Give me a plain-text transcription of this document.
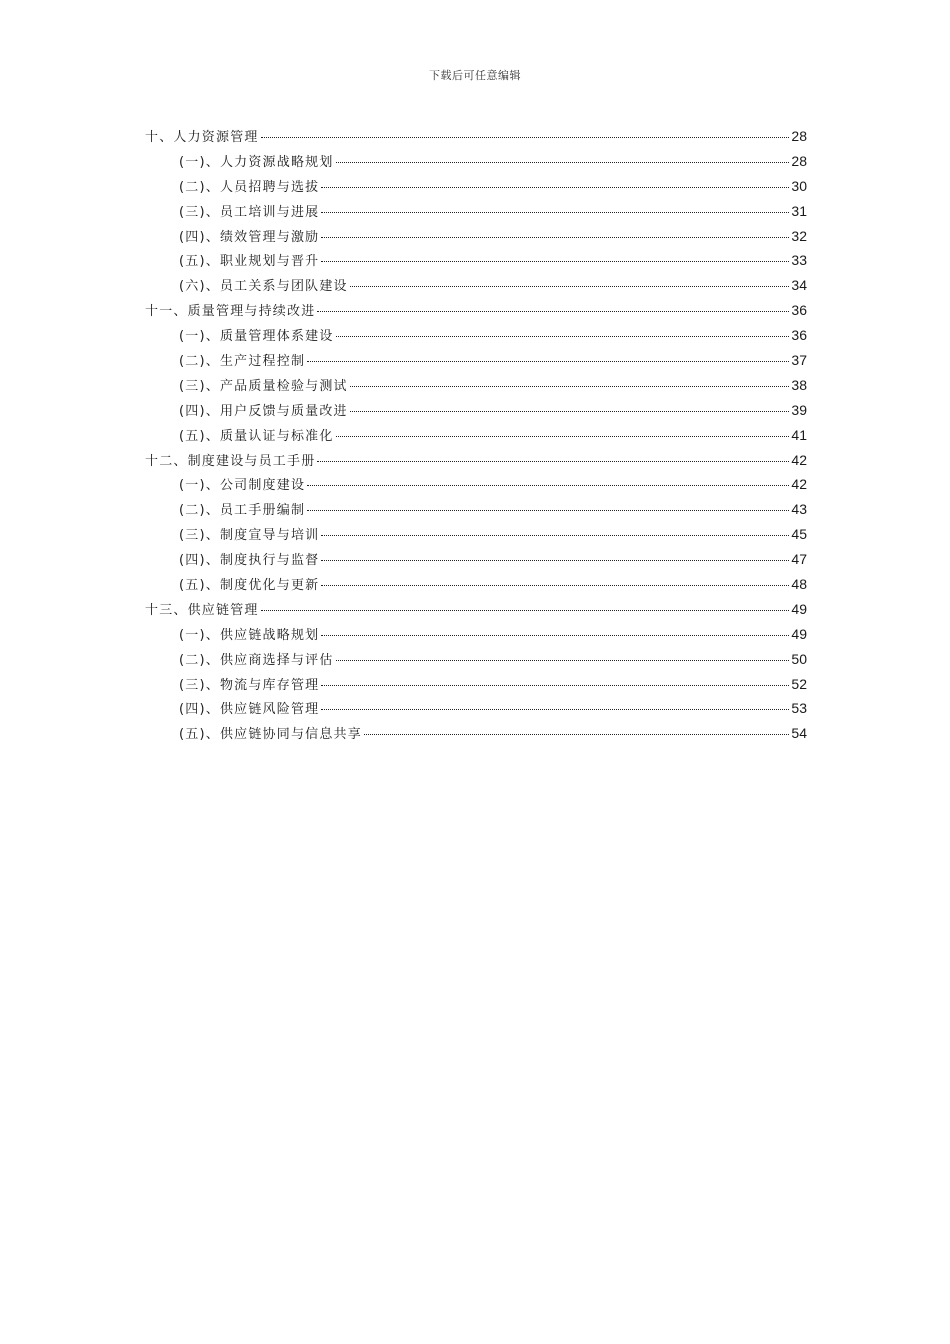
下载后可任意编辑
十、人力资源管理	28
(一)、人力资源战略规划	28
(二)、人员招聘与选拔	30
(三)、员工培训与进展	31
(四)、绩效管理与激励	32
(五)、职业规划与晋升	33
(六)、员工关系与团队建设	34
十一、质量管理与持续改进	36
(一)、质量管理体系建设	36
(二)、生产过程控制	37
(三)、产品质量检验与测试	38
(四)、用户反馈与质量改进	39
(五)、质量认证与标准化	41
十二、制度建设与员工手册	42
(一)、公司制度建设	42
(二)、员工手册编制	43
(三)、制度宣导与培训	45
(四)、制度执行与监督	47
(五)、制度优化与更新	48
十三、供应链管理	49
(一)、供应链战略规划	49
(二)、供应商选择与评估	50
(三)、物流与库存管理	52
(四)、供应链风险管理	53
(五)、供应链协同与信息共享	54
